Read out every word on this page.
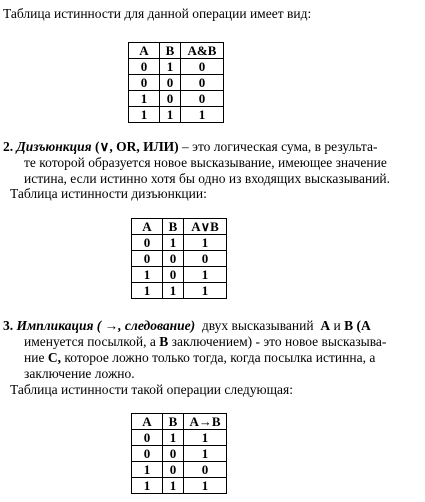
Таблица истинности для данной операции имеет вид:
A	B	A&B
0	1	0
0	0	0
1	0	0
1	1	1
2. Дизъюнкция (∨, OR, ИЛИ) – это логическая сума, в результа-
те которой образуется новое высказывание, имеющее значение
истина, если истинно хотя бы одно из входящих высказываний.
Таблица истинности дизъюнкции:
A	B	A∨B
0	1	1
0	0	0
1	0	1
1	1	1
3. Импликация ( →, следование) двух высказываний A и B (A
именуется посылкой, а B заключением) - это новое высказыва-
ние C, которое ложно только тогда, когда посылка истинна, а
заключение ложно.
Таблица истинности такой операции следующая:
A	B	A→B
0	1	1
0	0	1
1	0	0
1	1	1
